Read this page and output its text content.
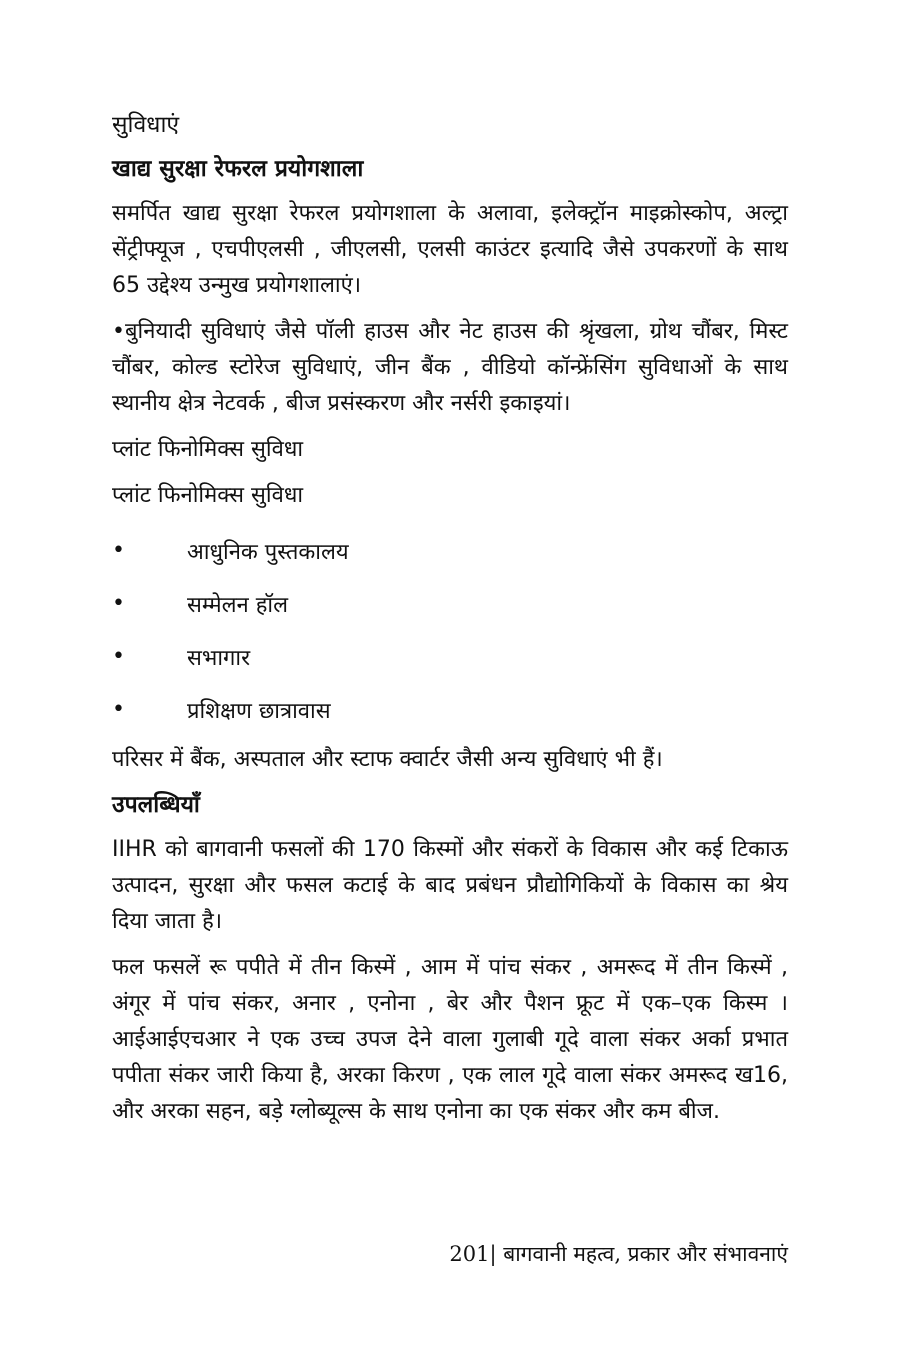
सुविधाएं
खाद्य सुरक्षा रेफरल प्रयोगशाला
समर्पित खाद्य सुरक्षा रेफरल प्रयोगशाला के अलावा, इलेक्ट्रॉन माइक्रोस्कोप, अल्ट्रा सेंट्रीफ्यूज , एचपीएलसी , जीएलसी, एलसी काउंटर इत्यादि जैसे उपकरणों के साथ 65 उद्देश्य उन्मुख प्रयोगशालाएं।
•बुनियादी सुविधाएं जैसे पॉली हाउस और नेट हाउस की श्रृंखला, ग्रोथ चौंबर, मिस्ट चौंबर, कोल्ड स्टोरेज सुविधाएं, जीन बैंक , वीडियो कॉन्फ्रेंसिंग सुविधाओं के साथ स्थानीय क्षेत्र नेटवर्क , बीज प्रसंस्करण और नर्सरी इकाइयां।
प्लांट फिनोमिक्स सुविधा
प्लांट फिनोमिक्स सुविधा
•	आधुनिक पुस्तकालय
•	सम्मेलन हॉल
•	सभागार
•	प्रशिक्षण छात्रावास
परिसर में बैंक, अस्पताल और स्टाफ क्वार्टर जैसी अन्य सुविधाएं भी हैं।
उपलब्धियाँ
IIHR को बागवानी फसलों की 170 किस्मों और संकरों के विकास और कई टिकाऊ उत्पादन, सुरक्षा और फसल कटाई के बाद प्रबंधन प्रौद्योगिकियों के विकास का श्रेय दिया जाता है।
फल फसलें रू पपीते में तीन किस्में , आम में पांच संकर , अमरूद में तीन किस्में , अंगूर में पांच संकर, अनार , एनोना , बेर और पैशन फ्रूट में एक–एक किस्म । आईआईएचआर ने एक उच्च उपज देने वाला गुलाबी गूदे वाला संकर अर्का प्रभात पपीता संकर जारी किया है, अरका किरण , एक लाल गूदे वाला संकर अमरूद ख16, और अरका सहन, बड़े ग्लोब्यूल्स के साथ एनोना का एक संकर और कम बीज.
201| बागवानी महत्व, प्रकार और संभावनाएं
